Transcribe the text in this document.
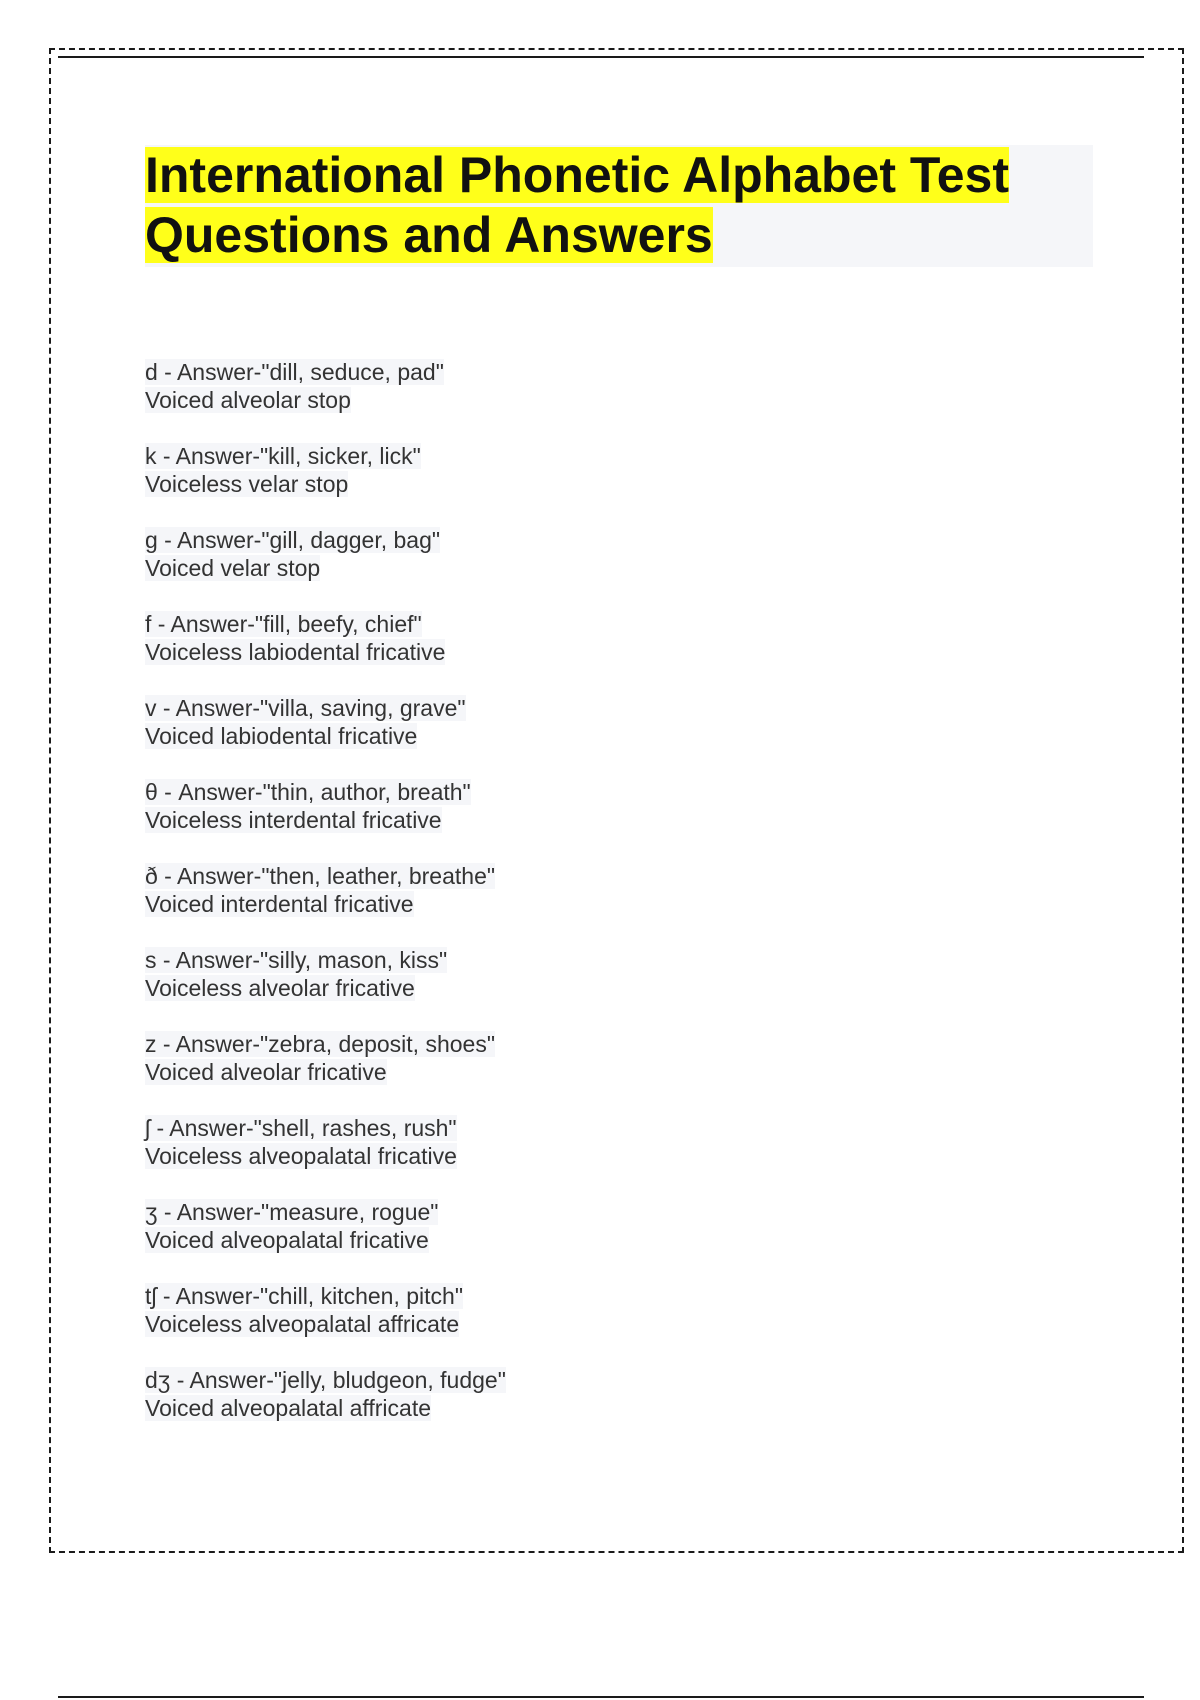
International Phonetic Alphabet Test
Questions and Answers
d - Answer-"dill, seduce, pad"
Voiced alveolar stop
k - Answer-"kill, sicker, lick"
Voiceless velar stop
g - Answer-"gill, dagger, bag"
Voiced velar stop
f - Answer-"fill, beefy, chief"
Voiceless labiodental fricative
v - Answer-"villa, saving, grave"
Voiced labiodental fricative
θ - Answer-"thin, author, breath"
Voiceless interdental fricative
ð - Answer-"then, leather, breathe"
Voiced interdental fricative
s - Answer-"silly, mason, kiss"
Voiceless alveolar fricative
z - Answer-"zebra, deposit, shoes"
Voiced alveolar fricative
ʃ - Answer-"shell, rashes, rush"
Voiceless alveopalatal fricative
ʒ - Answer-"measure, rogue"
Voiced alveopalatal fricative
tʃ - Answer-"chill, kitchen, pitch"
Voiceless alveopalatal affricate
dʒ - Answer-"jelly, bludgeon, fudge"
Voiced alveopalatal affricate
